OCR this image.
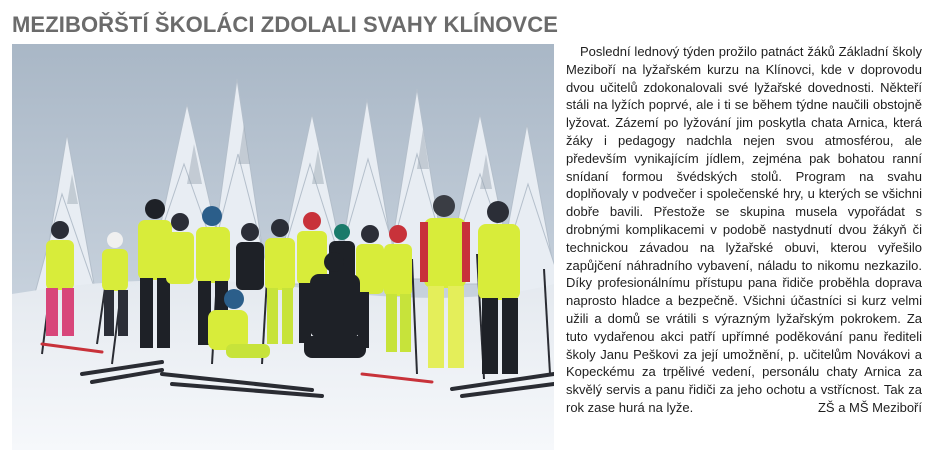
MEZIBOŘŠTÍ ŠKOLÁCI ZDOLALI SVAHY KLÍNOVCE

Poslední lednový týden prožilo patnáct žáků Základní školy Meziboří na lyžařském kurzu na Klínovci, kde v doprovodu dvou učitelů zdokonalovali své lyžařské dovednosti. Někteří stáli na lyžích poprvé, ale i ti se během týdne naučili obstojně lyžovat. Zázemí po lyžování jim poskytla chata Arnica, která žáky i pedagogy nadchla nejen svou atmosférou, ale především vynikajícím jídlem, zejména pak bohatou ranní snídaní formou švédských stolů. Program na svahu doplňovaly v podvečer i společenské hry, u kterých se všichni dobře bavili. Přestože se skupina musela vypořádat s drobnými komplikacemi v podobě nastydnutí dvou žákyň či technickou závadou na lyžařské obuvi, kterou vyřešilo zapůjčení náhradního vybavení, náladu to nikomu nezkazilo. Díky profesionálnímu přístupu pana řidiče proběhla doprava naprosto hladce a bezpečně. Všichni účastníci si kurz velmi užili a domů se vrátili s výrazným lyžařským pokrokem. Za tuto vydařenou akci patří upřímné poděkování panu řediteli školy Janu Peškovi za její umožnění, p. učitelům Novákovi a Kopeckému za trpělivé vedení, personálu chaty Arnica za skvělý servis a panu řidiči za jeho ochotu a vstřícnost. Tak za rok zase hurá na lyže.	ZŠ a MŠ Meziboří
